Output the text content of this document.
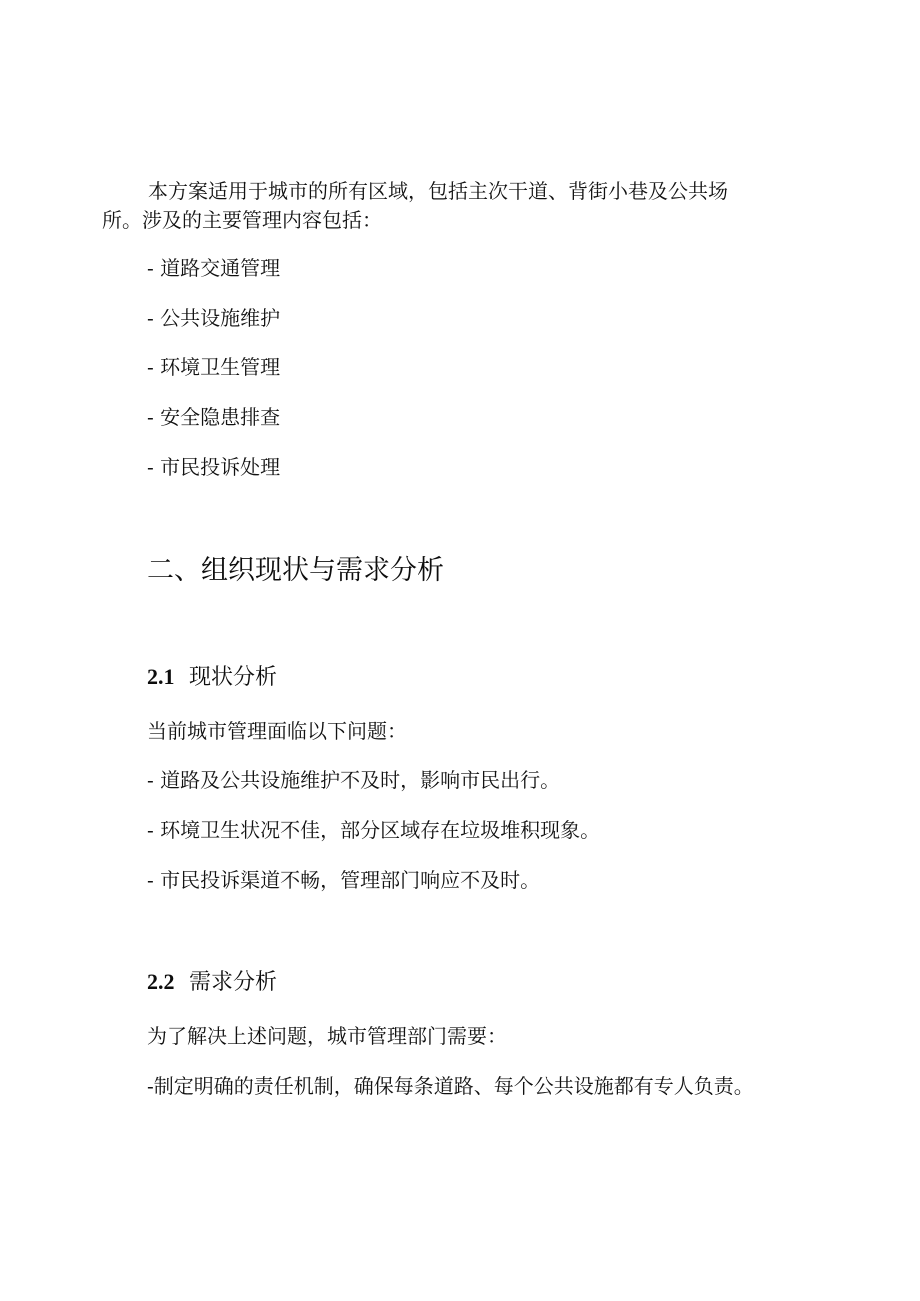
本方案适用于城市的所有区域，包括主次干道、背街小巷及公共场
所。涉及的主要管理内容包括：
- 道路交通管理
- 公共设施维护
- 环境卫生管理
- 安全隐患排查
- 市民投诉处理
二、组织现状与需求分析
2.1 现状分析
当前城市管理面临以下问题：
- 道路及公共设施维护不及时，影响市民出行。
- 环境卫生状况不佳，部分区域存在垃圾堆积现象。
- 市民投诉渠道不畅，管理部门响应不及时。
2.2 需求分析
为了解决上述问题，城市管理部门需要：
-制定明确的责任机制，确保每条道路、每个公共设施都有专人负责。
